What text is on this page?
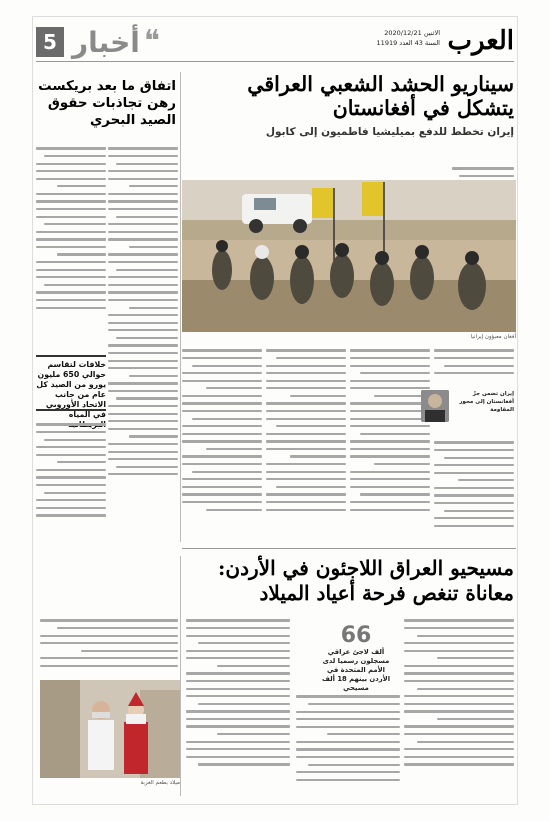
العرب
الاثنين 2020/12/21
السنة 43 العدد 11919
5 أخبار ❝
سيناريو الحشد الشعبي العراقي يتشكل في أفغانستان
إيران تخطط للدفع بميليشيا فاطميون إلى كابول
أفغان معبؤون إيرانيا
إيران تضمن جرّ أفغانستان إلى محور المقاومة
اتفاق ما بعد بريكست رهن تجاذبات حقوق الصيد البحري
خلافات لتقاسم حوالي 650 مليون يورو من الصيد كل عام من جانب الاتحاد الأوروبي في المياه
مسيحيو العراق اللاجئون في الأردن: معاناة تنغص فرحة أعياد الميلاد
66
ألف لاجئ عراقي مسجلون رسميا لدى الأمم المتحدة في الأردن بينهم 18 ألف مسيحي
ميلاد بطعم الغربة
